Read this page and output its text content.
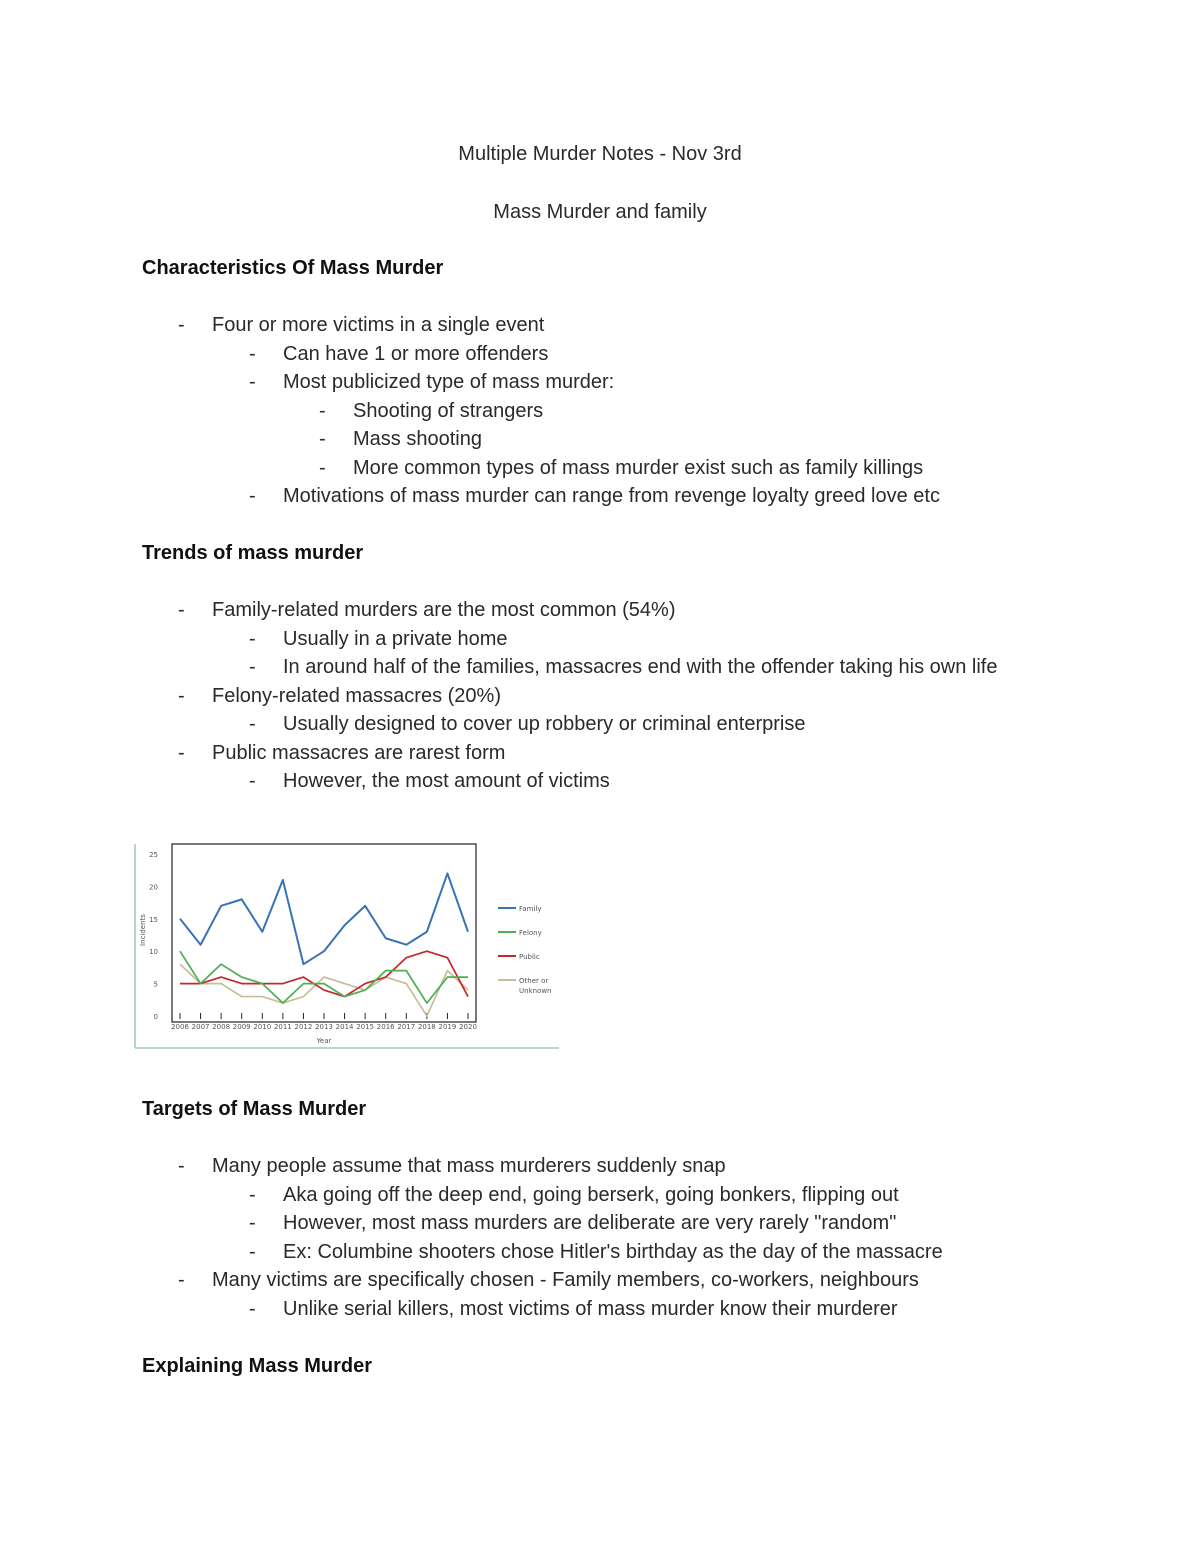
Multiple Murder Notes - Nov 3rd
Mass Murder and family
Characteristics Of Mass Murder
- Four or more victims in a single event
- Can have 1 or more offenders
- Most publicized type of mass murder:
- Shooting of strangers
- Mass shooting
- More common types of mass murder exist such as family killings
- Motivations of mass murder can range from revenge loyalty greed love etc
Trends of mass murder
- Family-related murders are the most common (54%)
- Usually in a private home
- In around half of the families, massacres end with the offender taking his own life
- Felony-related massacres (20%)
- Usually designed to cover up robbery or criminal enterprise
- Public massacres are rarest form
- However, the most amount of victims
Targets of Mass Murder
- Many people assume that mass murderers suddenly snap
- Aka going off the deep end, going berserk, going bonkers, flipping out
- However, most mass murders are deliberate are very rarely "random"
- Ex: Columbine shooters chose Hitler's birthday as the day of the massacre
- Many victims are specifically chosen - Family members, co-workers, neighbours
- Unlike serial killers, most victims of mass murder know their murderer
Explaining Mass Murder
0
5
10
15
20
25
Incidents
2006 2007 2008 2009 2010 2011 2012 2013 2014 2015 2016 2017 2018 2019 2020
Year
Family
Felony
Public
Other or
Unknown
